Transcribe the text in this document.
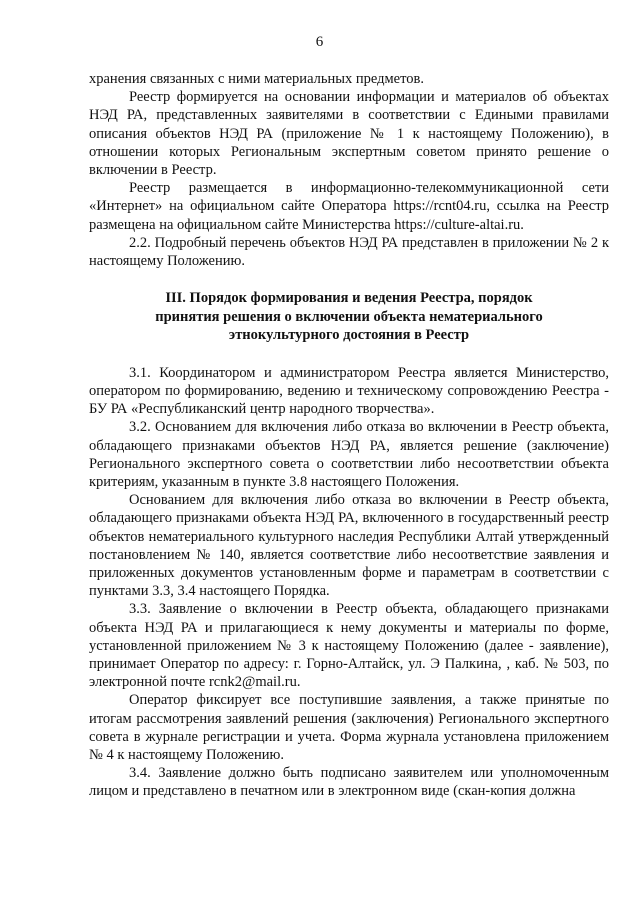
6

хранения связанных с ними материальных предметов.

Реестр формируется на основании информации и материалов об объектах НЭД РА, представленных заявителями в соответствии с Едиными правилами описания объектов НЭД РА (приложение № 1 к настоящему Положению), в отношении которых Региональным экспертным советом принято решение о включении в Реестр.

Реестр размещается в информационно-телекоммуникационной сети «Интернет» на официальном сайте Оператора https://rcnt04.ru, ссылка на Реестр размещена на официальном сайте Министерства https://culture-altai.ru.

2.2. Подробный перечень объектов НЭД РА представлен в приложении № 2 к настоящему Положению.

III. Порядок формирования и ведения Реестра, порядок

принятия решения о включении объекта нематериального

этнокультурного достояния в Реестр

3.1. Координатором и администратором Реестра является Министерство, оператором по формированию, ведению и техническому сопровождению Реестра - БУ РА «Республиканский центр народного творчества».

3.2. Основанием для включения либо отказа во включении в Реестр объекта, обладающего признаками объектов НЭД РА, является решение (заключение) Регионального экспертного совета о соответствии либо несоответствии объекта критериям, указанным в пункте 3.8 настоящего Положения.

Основанием для включения либо отказа во включении в Реестр объекта, обладающего признаками объекта НЭД РА, включенного в государственный реестр объектов нематериального культурного наследия Республики Алтай утвержденный постановлением № 140, является соответствие либо несоответствие заявления и приложенных документов установленным форме и параметрам в соответствии с пунктами 3.3, 3.4 настоящего Порядка.

3.3. Заявление о включении в Реестр объекта, обладающего признаками объекта НЭД РА и прилагающиеся к нему документы и материалы по форме, установленной приложением № 3 к настоящему Положению (далее - заявление), принимает Оператор по адресу: г. Горно-Алтайск, ул. Э Палкина, , каб. № 503, по электронной почте rcnk2@mail.ru.

Оператор фиксирует все поступившие заявления, а также принятые по итогам рассмотрения заявлений решения (заключения) Регионального экспертного совета в журнале регистрации и учета. Форма журнала установлена приложением № 4 к настоящему Положению.

3.4. Заявление должно быть подписано заявителем или уполномоченным лицом и представлено в печатном или в электронном виде (скан-копия должна
